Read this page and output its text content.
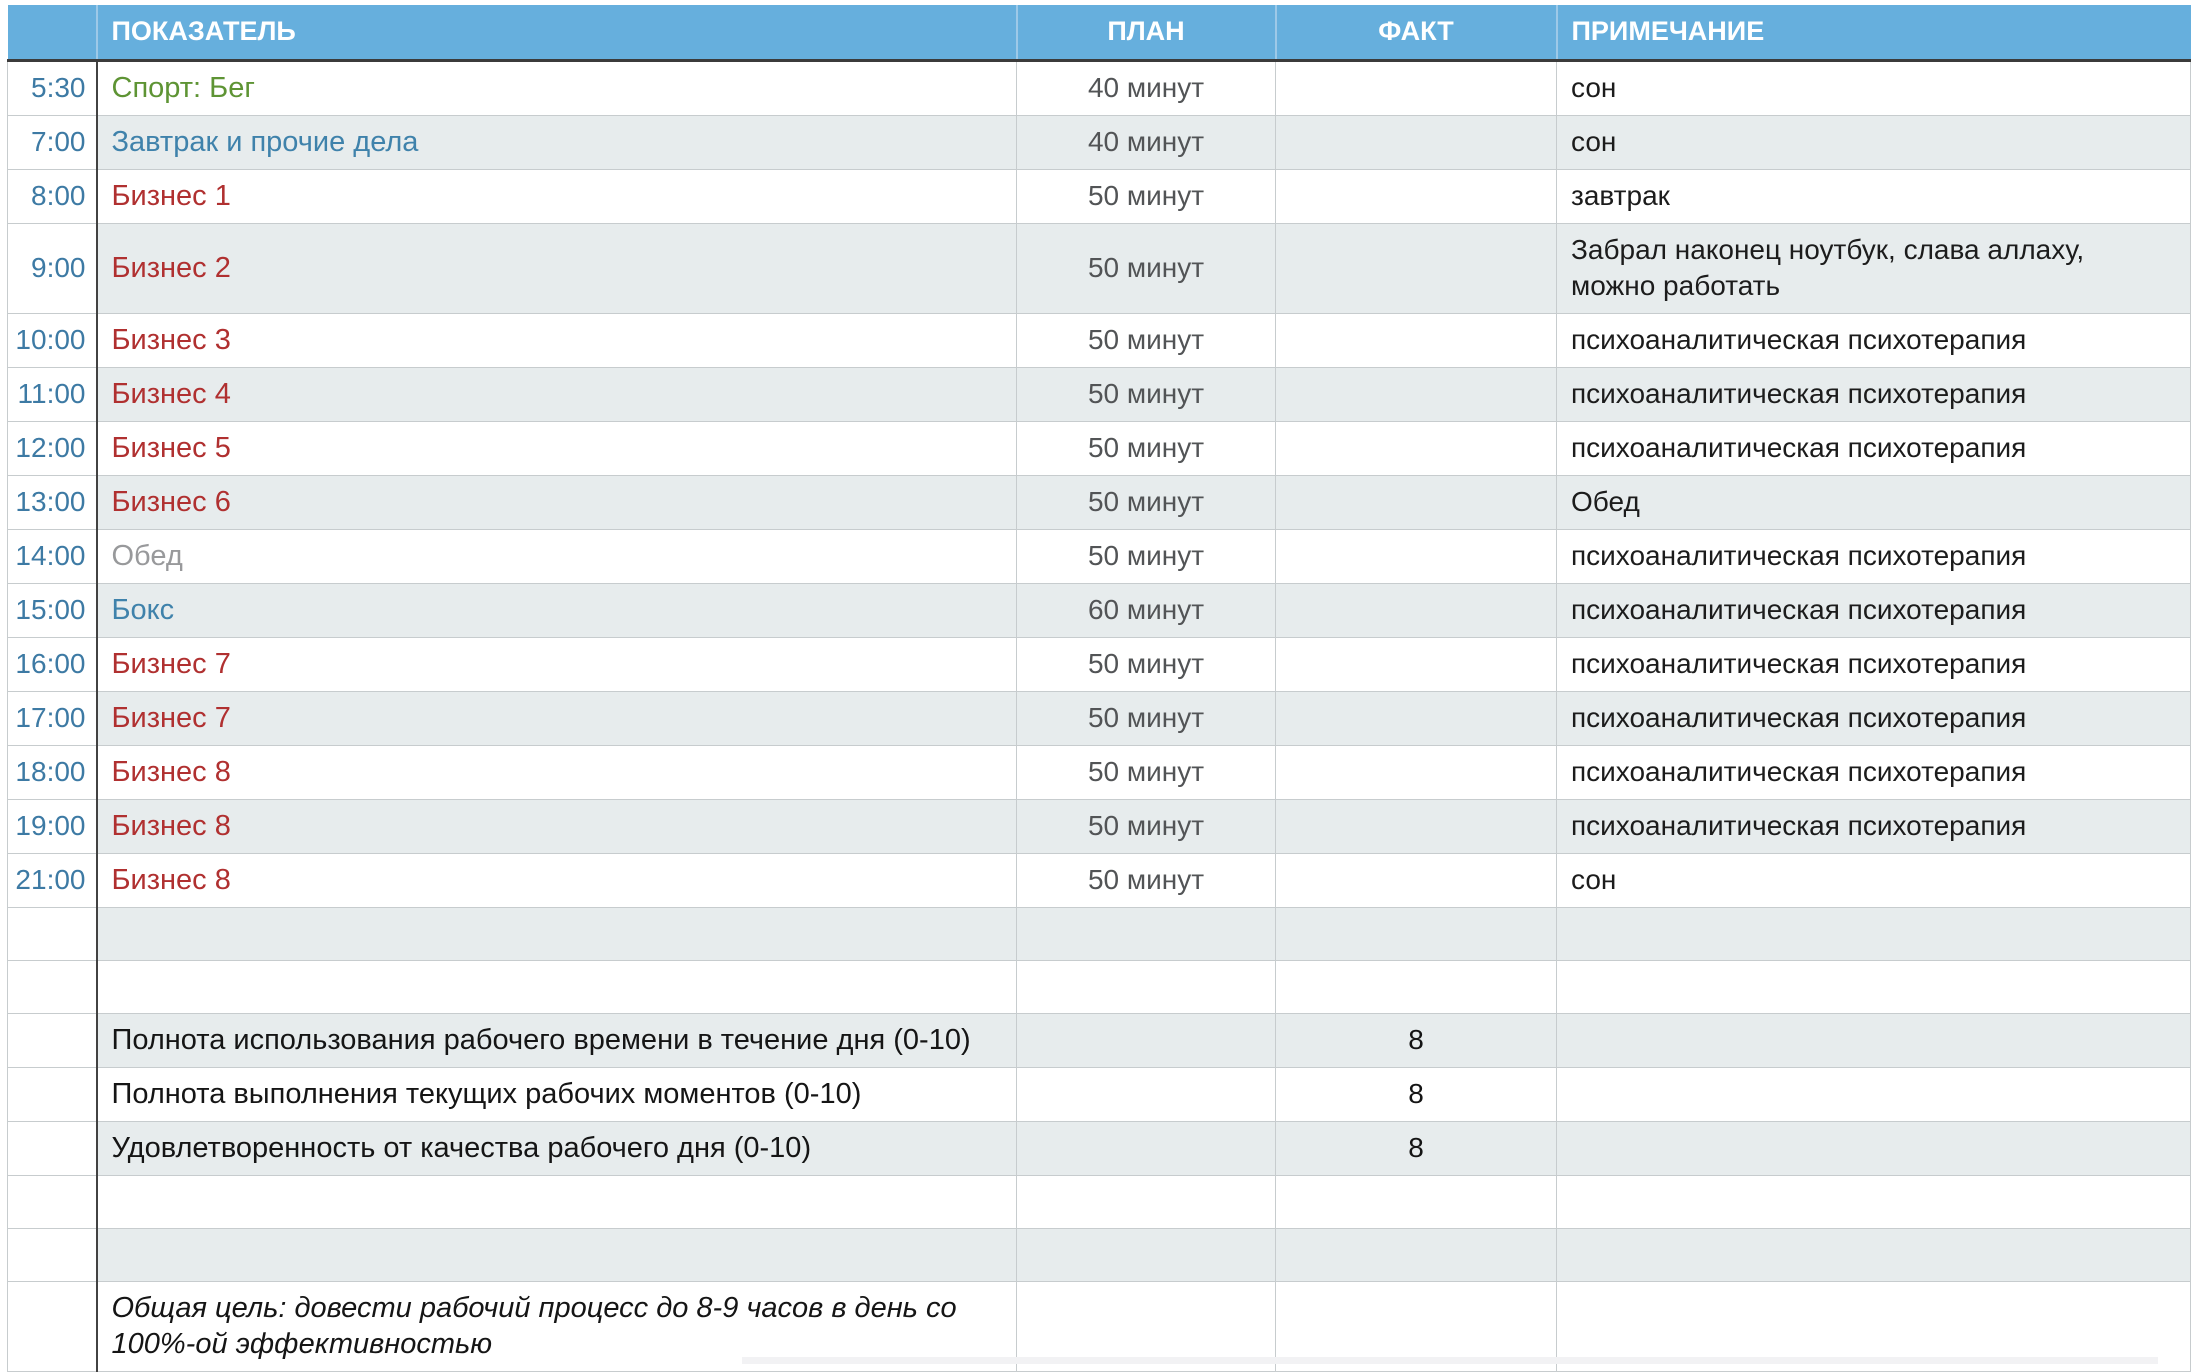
	ПОКАЗАТЕЛЬ	ПЛАН	ФАКТ	ПРИМЕЧАНИЕ
5:30	Спорт: Бег	40 минут		сон
7:00	Завтрак и прочие дела	40 минут		сон
8:00	Бизнес 1	50 минут		завтрак
9:00	Бизнес 2	50 минут		Забрал наконец ноутбук, слава аллаху, можно работать
10:00	Бизнес 3	50 минут		психоаналитическая психотерапия
11:00	Бизнес 4	50 минут		психоаналитическая психотерапия
12:00	Бизнес 5	50 минут		психоаналитическая психотерапия
13:00	Бизнес 6	50 минут		Обед
14:00	Обед	50 минут		психоаналитическая психотерапия
15:00	Бокс	60 минут		психоаналитическая психотерапия
16:00	Бизнес 7	50 минут		психоаналитическая психотерапия
17:00	Бизнес 7	50 минут		психоаналитическая психотерапия
18:00	Бизнес 8	50 минут		психоаналитическая психотерапия
19:00	Бизнес 8	50 минут		психоаналитическая психотерапия
21:00	Бизнес 8	50 минут		сон

	Полнота использования рабочего времени в течение дня (0-10)		8	
	Полнота выполнения текущих рабочих моментов (0-10)		8	
	Удовлетворенность от качества рабочего дня (0-10)		8	

	Общая цель: довести рабочий процесс до 8-9 часов в день со 100%-ой эффективностью			
